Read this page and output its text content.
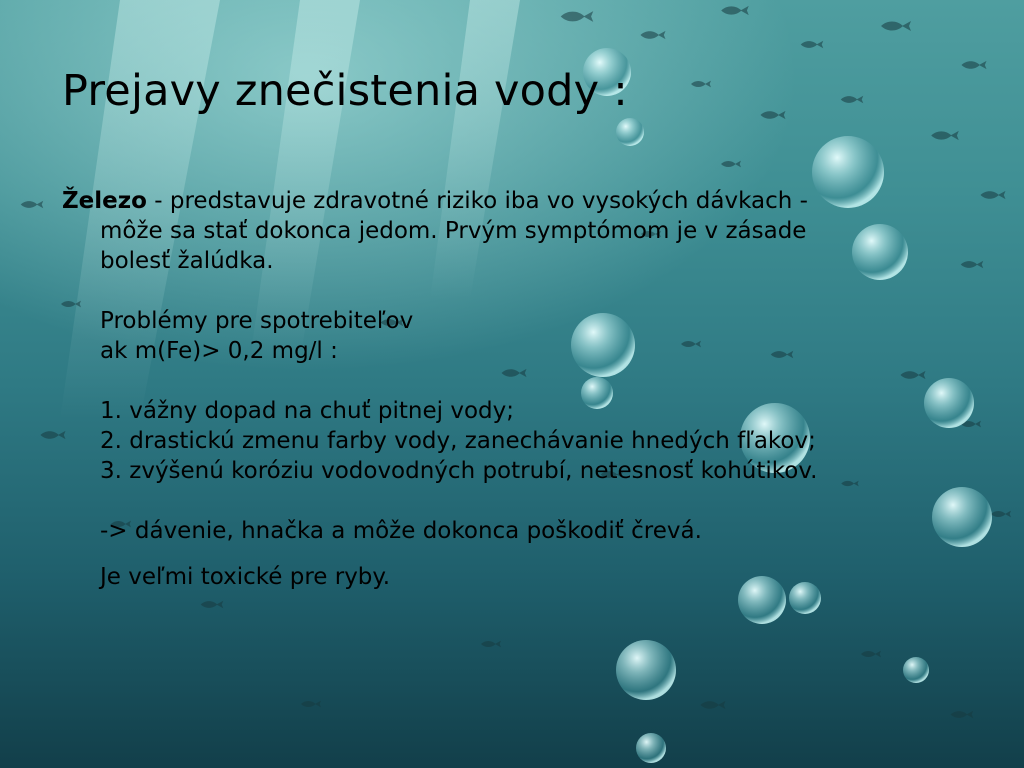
Prejavy znečistenia vody :
Železo - predstavuje zdravotné riziko iba vo vysokých dávkach -
môže sa stať dokonca jedom. Prvým symptómom je v zásade
bolesť žalúdka.
Problémy pre spotrebiteľov
ak m(Fe)> 0,2 mg/l :
1. vážny dopad na chuť pitnej vody;
2. drastickú zmenu farby vody, zanechávanie hnedých fľakov;
3. zvýšenú koróziu vodovodných potrubí, netesnosť kohútikov.
-> dávenie, hnačka a môže dokonca poškodiť črevá.
Je veľmi toxické pre ryby.
